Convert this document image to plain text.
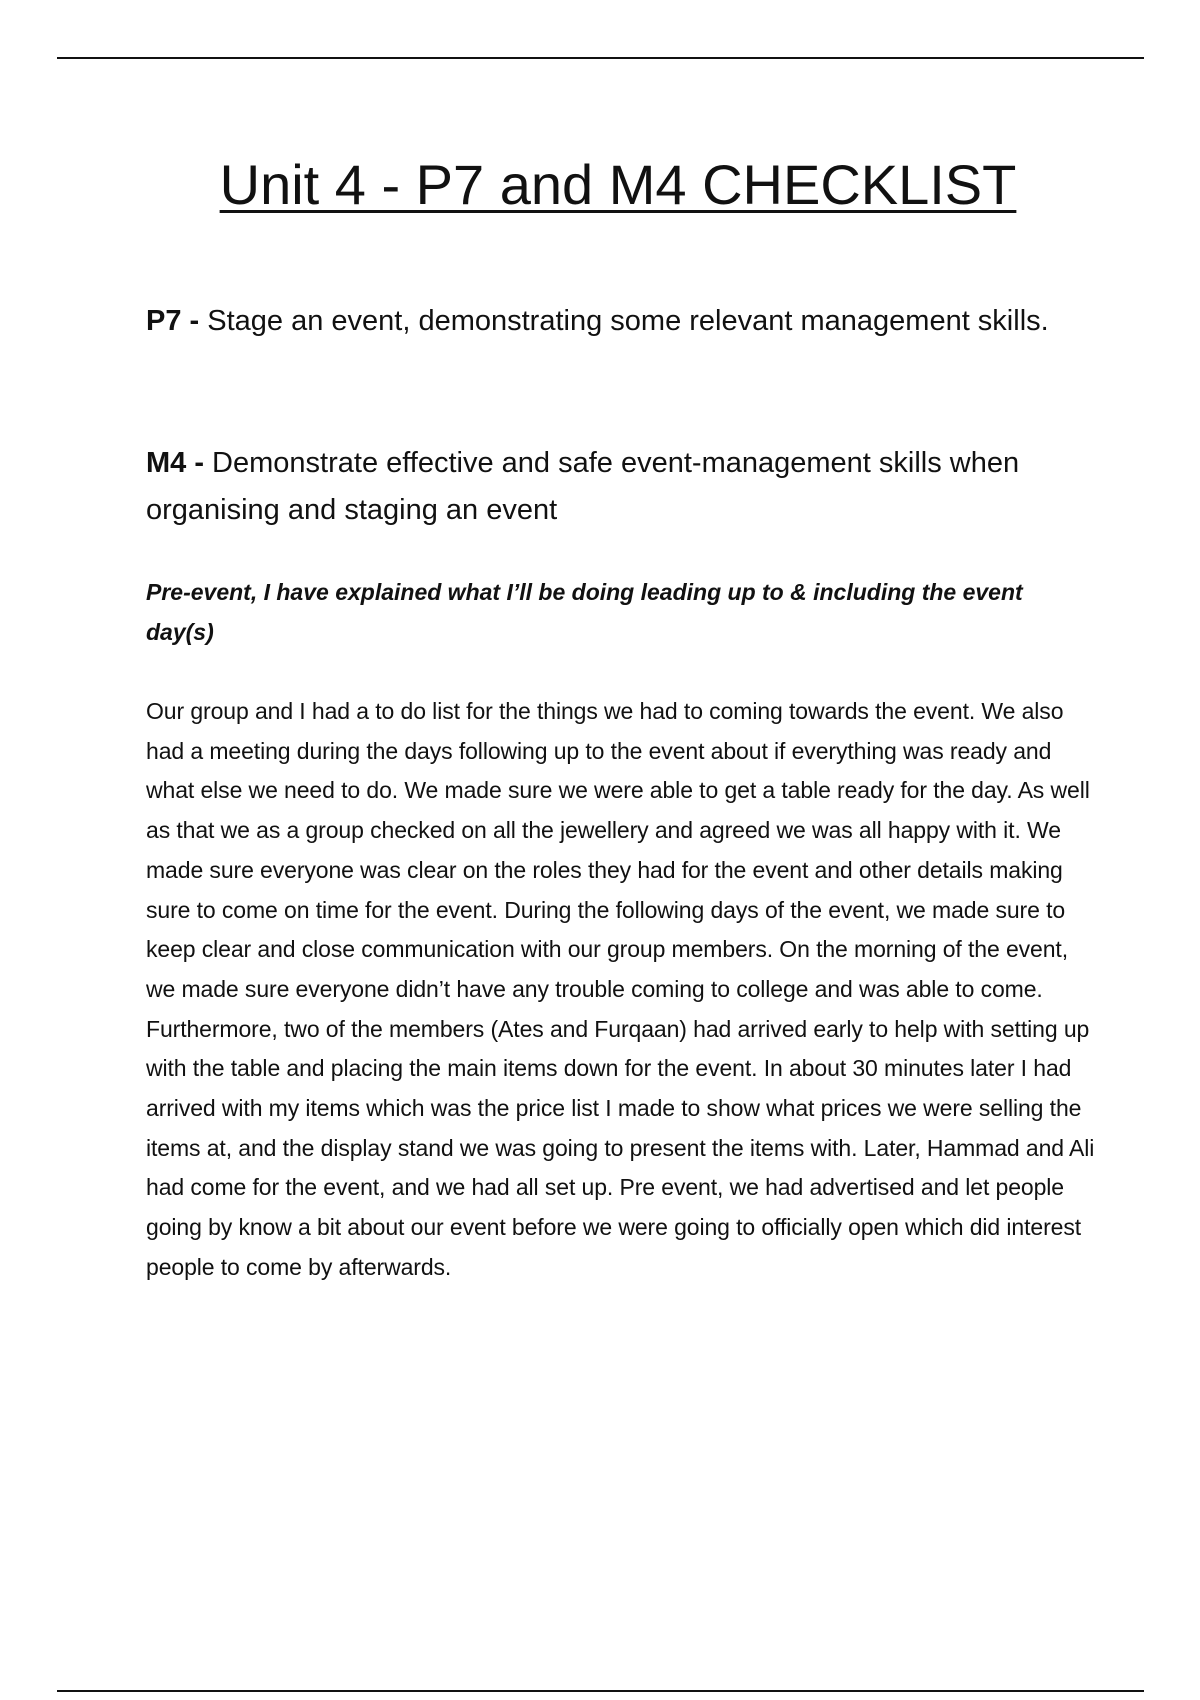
Unit 4 - P7 and M4 CHECKLIST

P7 - Stage an event, demonstrating some relevant management skills.

M4 - Demonstrate effective and safe event-management skills when organising and staging an event

Pre-event, I have explained what I’ll be doing leading up to & including the event day(s)

Our group and I had a to do list for the things we had to coming towards the event. We also had a meeting during the days following up to the event about if everything was ready and what else we need to do. We made sure we were able to get a table ready for the day. As well as that we as a group checked on all the jewellery and agreed we was all happy with it. We made sure everyone was clear on the roles they had for the event and other details making sure to come on time for the event. During the following days of the event, we made sure to keep clear and close communication with our group members. On the morning of the event, we made sure everyone didn’t have any trouble coming to college and was able to come. Furthermore, two of the members (Ates and Furqaan) had arrived early to help with setting up with the table and placing the main items down for the event. In about 30 minutes later I had arrived with my items which was the price list I made to show what prices we were selling the items at, and the display stand we was going to present the items with. Later, Hammad and Ali had come for the event, and we had all set up. Pre event, we had advertised and let people going by know a bit about our event before we were going to officially open which did interest people to come by afterwards.
